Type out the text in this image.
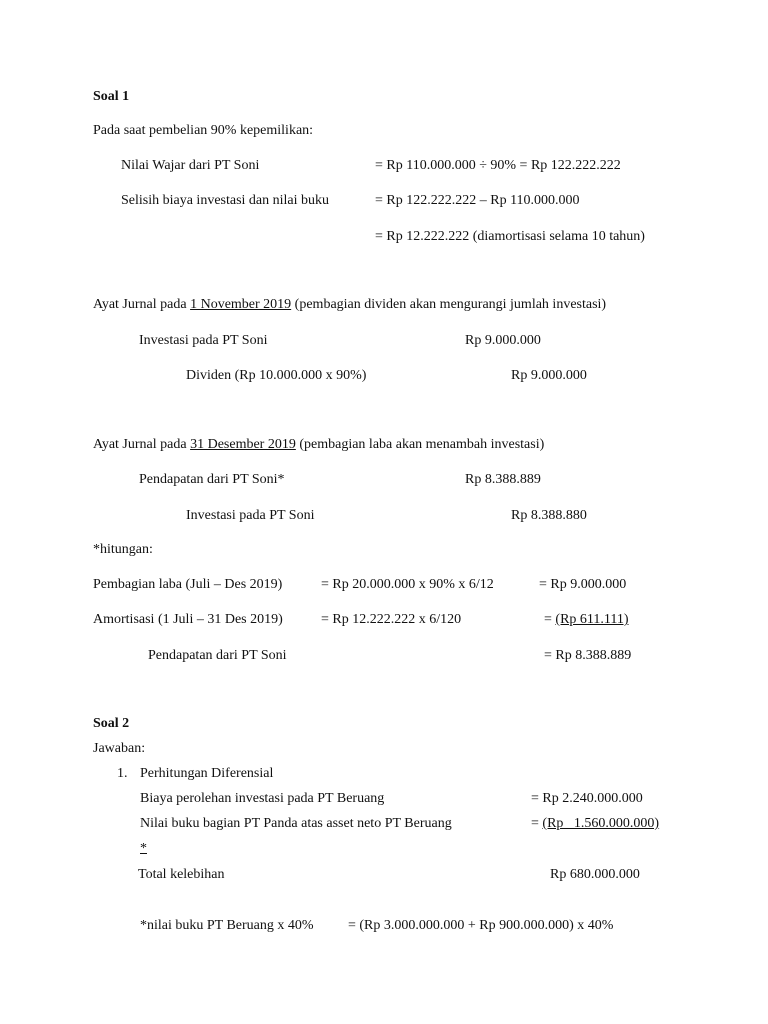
Soal 1
Pada saat pembelian 90% kepemilikan:
Nilai Wajar dari PT Soni	= Rp 110.000.000 ÷ 90% = Rp 122.222.222
Selisih biaya investasi dan nilai buku	= Rp 122.222.222 – Rp 110.000.000
= Rp 12.222.222 (diamortisasi selama 10 tahun)
Ayat Jurnal pada 1 November 2019 (pembagian dividen akan mengurangi jumlah investasi)
Investasi pada PT Soni	Rp 9.000.000
Dividen (Rp 10.000.000 x 90%)	Rp 9.000.000
Ayat Jurnal pada 31 Desember 2019 (pembagian laba akan menambah investasi)
Pendapatan dari PT Soni*	Rp 8.388.889
Investasi pada PT Soni	Rp 8.388.880
*hitungan:
Pembagian laba (Juli – Des 2019)	= Rp 20.000.000 x 90% x 6/12	= Rp 9.000.000
Amortisasi (1 Juli – 31 Des 2019)	= Rp 12.222.222 x 6/120	= (Rp 611.111)
Pendapatan dari PT Soni	= Rp 8.388.889
Soal 2
Jawaban:
1. Perhitungan Diferensial
Biaya perolehan investasi pada PT Beruang	= Rp 2.240.000.000
Nilai buku bagian PT Panda atas asset neto PT Beruang	= (Rp   1.560.000.000)
*
Total kelebihan	Rp 680.000.000
*nilai buku PT Beruang x 40% = (Rp 3.000.000.000 + Rp 900.000.000) x 40%
